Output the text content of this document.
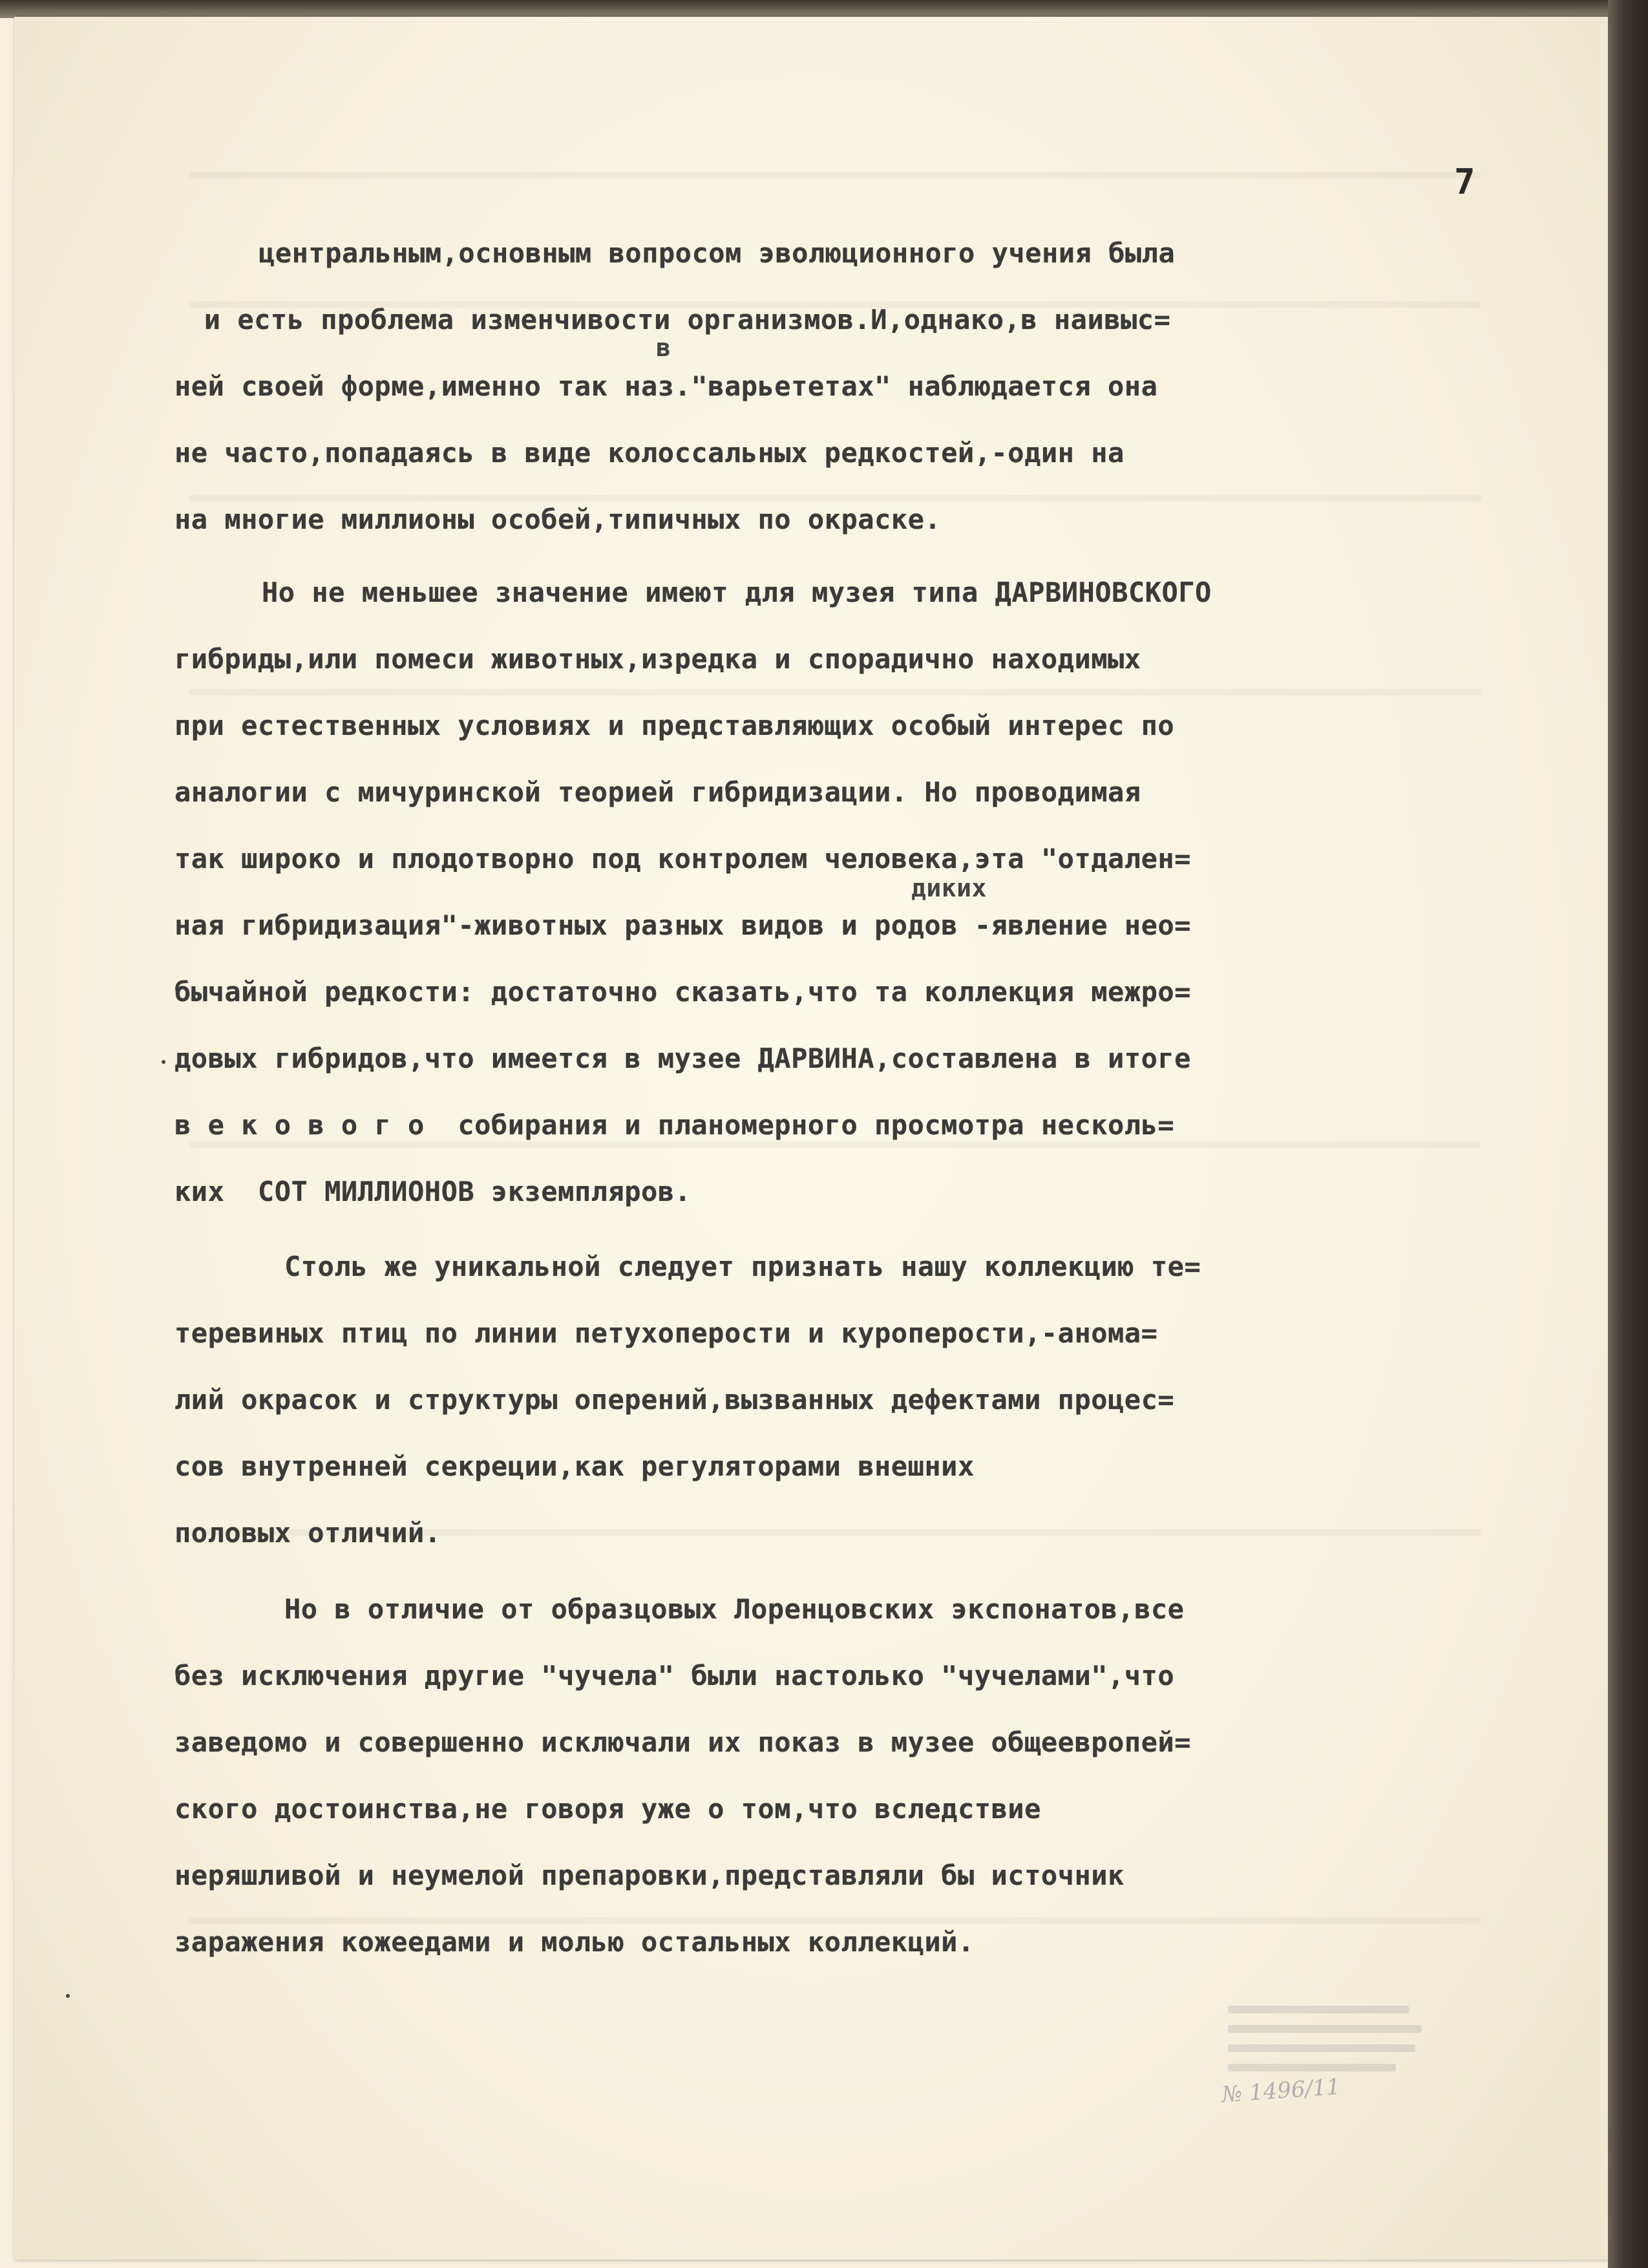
7
центральным,основным вопросом эволюционного учения была
и есть проблема изменчивости организмов.И,однако,в наивыс=
в
ней своей форме,именно так наз."варьететах" наблюдается она
не часто,попадаясь в виде колоссальных редкостей,-один на
на многие миллионы особей,типичных по окраске.
Но не меньшее значение имеют для музея типа ДАРВИНОВСКОГО
гибриды,или помеси животных,изредка и спорадично находимых
при естественных условиях и представляющих особый интерес по
аналогии с мичуринской теорией гибридизации. Но проводимая
так широко и плодотворно под контролем человека,эта "отдален=
диких
ная гибридизация"-животных разных видов и родов -явление нео=
бычайной редкости: достаточно сказать,что та коллекция межро=
довых гибридов,что имеется в музее ДАРВИНА,составлена в итоге
в е к о в о г о  собирания и планомерного просмотра несколь=
ких  СОТ МИЛЛИОНОВ экземпляров.
Столь же уникальной следует признать нашу коллекцию те=
теревиных птиц по линии петухоперости и куроперости,-анома=
лий окрасок и структуры оперений,вызванных дефектами процес=
сов внутренней секреции,как регуляторами внешних
половых отличий.
Но в отличие от образцовых Лоренцовских экспонатов,все
без исключения другие "чучела" были настолько "чучелами",что
заведомо и совершенно исключали их показ в музее общеевропей=
ского достоинства,не говоря уже о том,что вследствие
неряшливой и неумелой препаровки,представляли бы источник
заражения кожеедами и молью остальных коллекций.
№ 1496/11
